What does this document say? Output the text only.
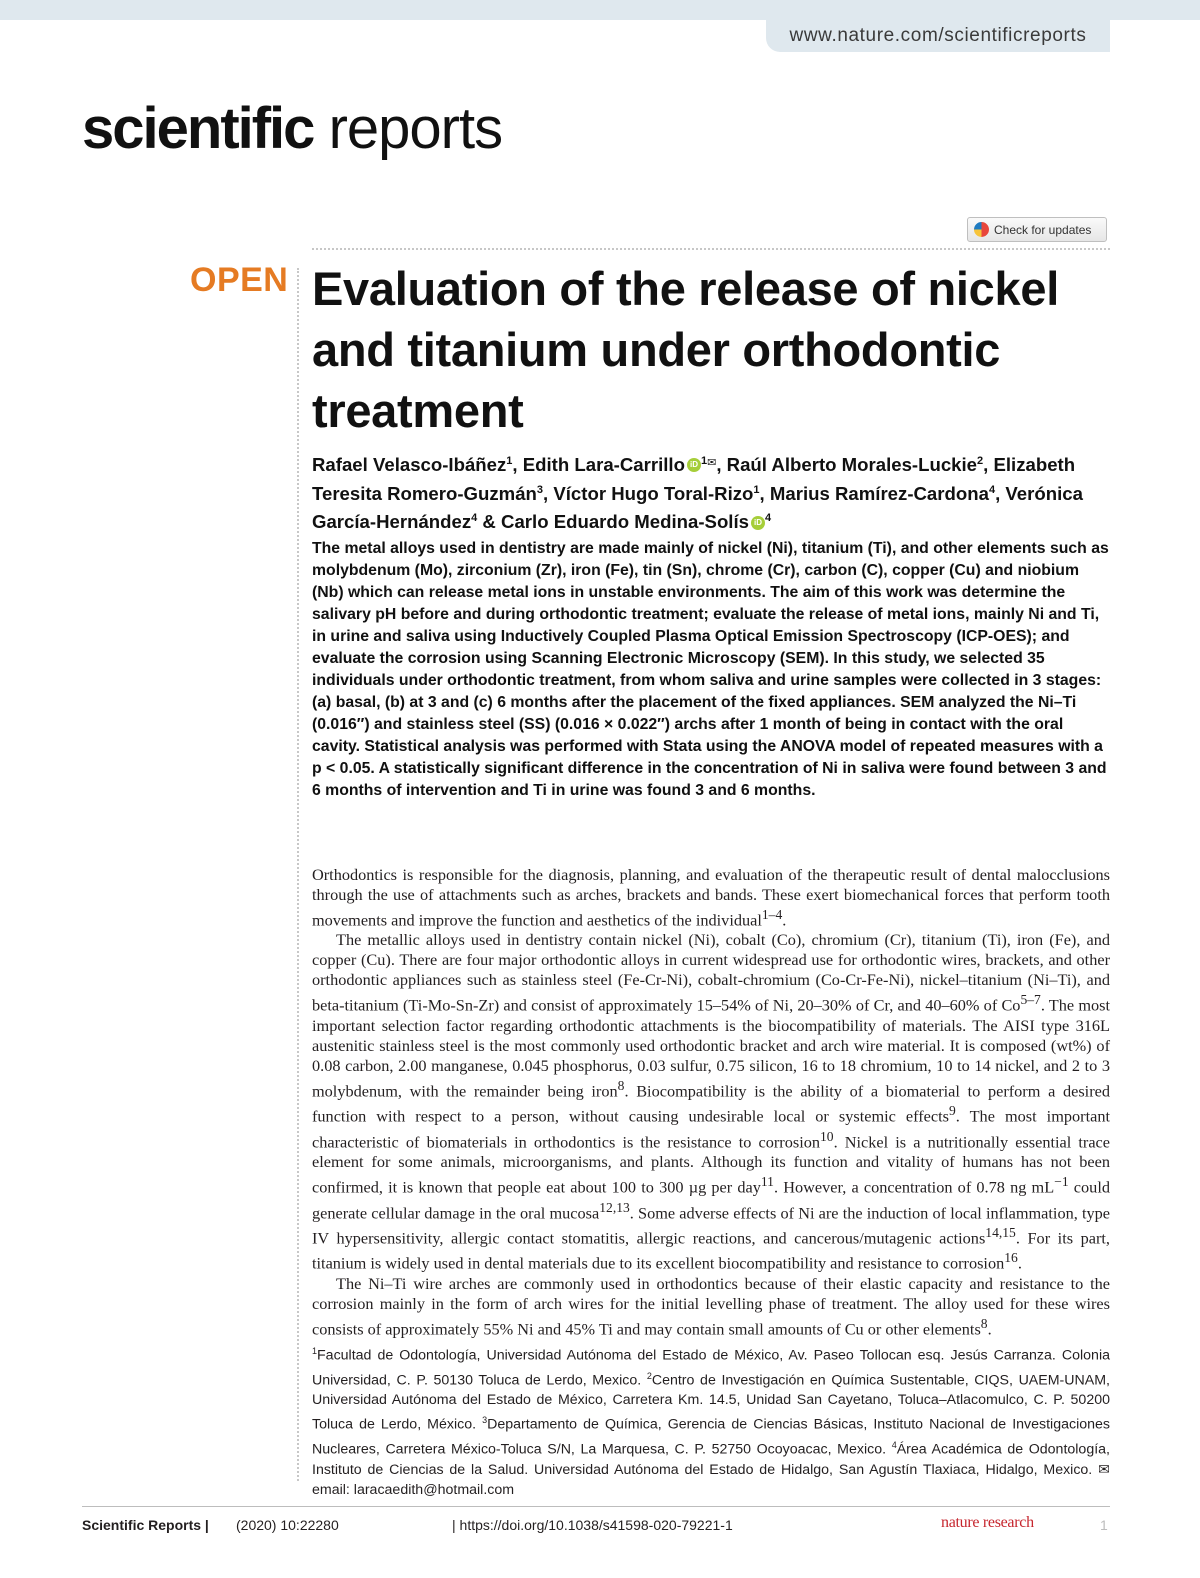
www.nature.com/scientificreports
scientific reports
Check for updates
OPEN Evaluation of the release of nickel and titanium under orthodontic treatment
Rafael Velasco-Ibáñez$^1$, Edith Lara-Carrillo iD $^{1✉}$, Raúl Alberto Morales-Luckie$^2$, Elizabeth Teresita Romero-Guzmán$^3$, Víctor Hugo Toral-Rizo$^1$, Marius Ramírez-Cardona$^4$, Verónica García-Hernández$^4$ & Carlo Eduardo Medina-Solís iD $^4$
The metal alloys used in dentistry are made mainly of nickel (Ni), titanium (Ti), and other elements such as molybdenum (Mo), zirconium (Zr), iron (Fe), tin (Sn), chrome (Cr), carbon (C), copper (Cu) and niobium (Nb) which can release metal ions in unstable environments. The aim of this work was determine the salivary pH before and during orthodontic treatment; evaluate the release of metal ions, mainly Ni and Ti, in urine and saliva using Inductively Coupled Plasma Optical Emission Spectroscopy (ICP-OES); and evaluate the corrosion using Scanning Electronic Microscopy (SEM). In this study, we selected 35 individuals under orthodontic treatment, from whom saliva and urine samples were collected in 3 stages: (a) basal, (b) at 3 and (c) 6 months after the placement of the fixed appliances. SEM analyzed the Ni–Ti (0.016″) and stainless steel (SS) (0.016 × 0.022″) archs after 1 month of being in contact with the oral cavity. Statistical analysis was performed with Stata using the ANOVA model of repeated measures with a p < 0.05. A statistically significant difference in the concentration of Ni in saliva were found between 3 and 6 months of intervention and Ti in urine was found 3 and 6 months.

Orthodontics is responsible for the diagnosis, planning, and evaluation of the therapeutic result of dental malocclusions through the use of attachments such as arches, brackets and bands. These exert biomechanical forces that perform tooth movements and improve the function and aesthetics of the individual$^{1-4}$.

The metallic alloys used in dentistry contain nickel (Ni), cobalt (Co), chromium (Cr), titanium (Ti), iron (Fe), and copper (Cu). There are four major orthodontic alloys in current widespread use for orthodontic wires, brackets, and other orthodontic appliances such as stainless steel (Fe-Cr-Ni), cobalt-chromium (Co-Cr-Fe-Ni), nickel–titanium (Ni–Ti), and beta-titanium (Ti-Mo-Sn-Zr) and consist of approximately 15–54% of Ni, 20–30% of Cr, and 40–60% of Co$^{5-7}$. The most important selection factor regarding orthodontic attachments is the biocompatibility of materials. The AISI type 316L austenitic stainless steel is the most commonly used orthodontic bracket and arch wire material. It is composed (wt%) of 0.08 carbon, 2.00 manganese, 0.045 phosphorus, 0.03 sulfur, 0.75 silicon, 16 to 18 chromium, 10 to 14 nickel, and 2 to 3 molybdenum, with the remainder being iron$^8$. Biocompatibility is the ability of a biomaterial to perform a desired function with respect to a person, without causing undesirable local or systemic effects$^9$. The most important characteristic of biomaterials in orthodontics is the resistance to corrosion$^{10}$. Nickel is a nutritionally essential trace element for some animals, microorganisms, and plants. Although its function and vitality of humans has not been confirmed, it is known that people eat about 100 to 300 µg per day$^{11}$. However, a concentration of 0.78 ng $mL^{-1}$ could generate cellular damage in the oral mucosa$^{12,13}$. Some adverse effects of Ni are the induction of local inflammation, type IV hypersensitivity, allergic contact stomatitis, allergic reactions, and cancerous/mutagenic actions$^{14,15}$. For its part, titanium is widely used in dental materials due to its excellent biocompatibility and resistance to corrosion$^{16}$.

The Ni–Ti wire arches are commonly used in orthodontics because of their elastic capacity and resistance to the corrosion mainly in the form of arch wires for the initial levelling phase of treatment. The alloy used for these wires consists of approximately 55% Ni and 45% Ti and may contain small amounts of Cu or other elements$^8$.

$^1$Facultad de Odontología, Universidad Autónoma del Estado de México, Av. Paseo Tollocan esq. Jesús Carranza. Colonia Universidad, C. P. 50130 Toluca de Lerdo, Mexico. $^2$Centro de Investigación en Química Sustentable, CIQS, UAEM-UNAM, Universidad Autónoma del Estado de México, Carretera Km. 14.5, Unidad San Cayetano, Toluca–Atlacomulco, C. P. 50200 Toluca de Lerdo, México. $^3$Departamento de Química, Gerencia de Ciencias Básicas, Instituto Nacional de Investigaciones Nucleares, Carretera México-Toluca S/N, La Marquesa, C. P. 52750 Ocoyoacac, Mexico. $^4$Área Académica de Odontología, Instituto de Ciencias de la Salud. Universidad Autónoma del Estado de Hidalgo, San Agustín Tlaxiaca, Hidalgo, Mexico. ✉email: laracaedith@hotmail.com
Scientific Reports | (2020) 10:22280	| https://doi.org/10.1038/s41598-020-79221-1	nature research	1
